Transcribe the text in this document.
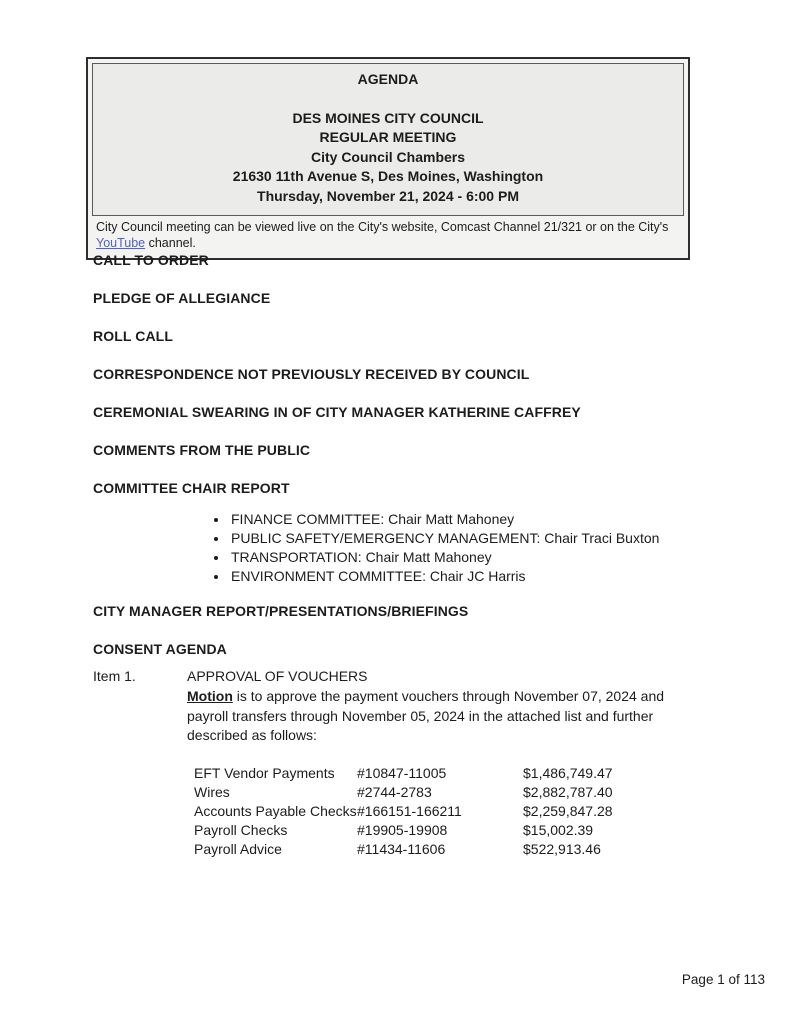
AGENDA
DES MOINES CITY COUNCIL
REGULAR MEETING
City Council Chambers
21630 11th Avenue S, Des Moines, Washington
Thursday, November 21, 2024 - 6:00 PM
City Council meeting can be viewed live on the City's website, Comcast Channel 21/321 or on the City's YouTube channel.
CALL TO ORDER
PLEDGE OF ALLEGIANCE
ROLL CALL
CORRESPONDENCE NOT PREVIOUSLY RECEIVED BY COUNCIL
CEREMONIAL SWEARING IN OF CITY MANAGER KATHERINE CAFFREY
COMMENTS FROM THE PUBLIC
COMMITTEE CHAIR REPORT
• FINANCE COMMITTEE: Chair Matt Mahoney
• PUBLIC SAFETY/EMERGENCY MANAGEMENT: Chair Traci Buxton
• TRANSPORTATION: Chair Matt Mahoney
• ENVIRONMENT COMMITTEE: Chair JC Harris
CITY MANAGER REPORT/PRESENTATIONS/BRIEFINGS
CONSENT AGENDA
Item 1.	APPROVAL OF VOUCHERS
Motion is to approve the payment vouchers through November 07, 2024 and payroll transfers through November 05, 2024 in the attached list and further described as follows:
EFT Vendor Payments	#10847-11005	$1,486,749.47
Wires	#2744-2783	$2,882,787.40
Accounts Payable Checks	#166151-166211	$2,259,847.28
Payroll Checks	#19905-19908	$15,002.39
Payroll Advice	#11434-11606	$522,913.46
Page 1 of 113
